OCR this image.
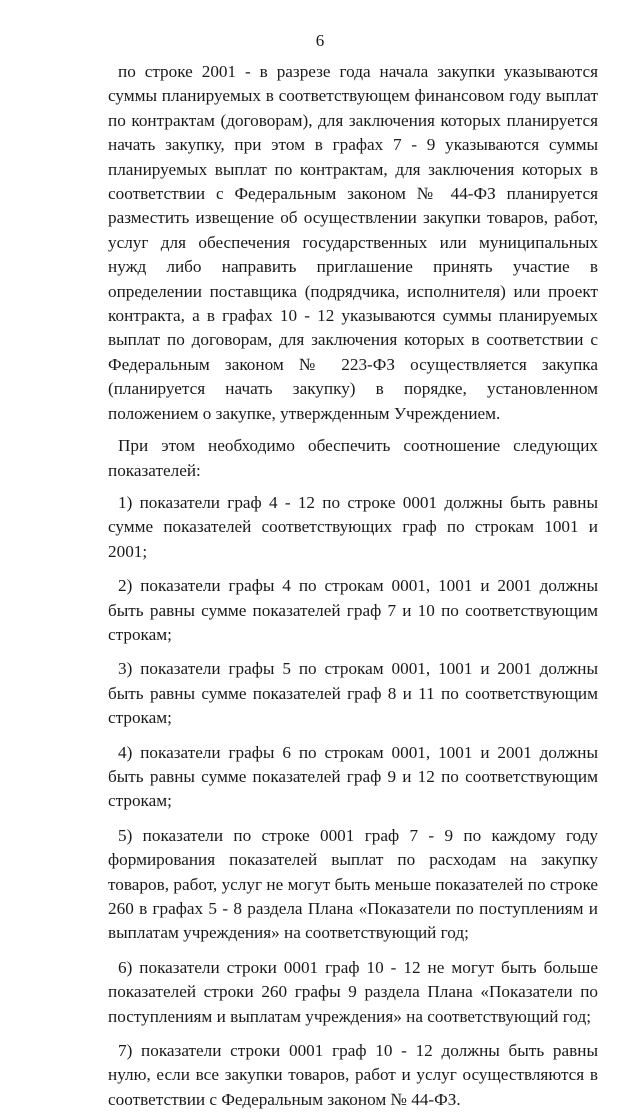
6

по строке 2001 - в разрезе года начала закупки указываются суммы планируемых в соответствующем финансовом году выплат по контрактам (договорам), для заключения которых планируется начать закупку, при этом в графах 7 - 9 указываются суммы планируемых выплат по контрактам, для заключения которых в соответствии с Федеральным законом № 44-ФЗ планируется разместить извещение об осуществлении закупки товаров, работ, услуг для обеспечения государственных или муниципальных нужд либо направить приглашение принять участие в определении поставщика (подрядчика, исполнителя) или проект контракта, а в графах 10 - 12 указываются суммы планируемых выплат по договорам, для заключения которых в соответствии с Федеральным законом № 223-ФЗ осуществляется закупка (планируется начать закупку) в порядке, установленном положением о закупке, утвержденным Учреждением.

При этом необходимо обеспечить соотношение следующих показателей:

1) показатели граф 4 - 12 по строке 0001 должны быть равны сумме показателей соответствующих граф по строкам 1001 и 2001;

2) показатели графы 4 по строкам 0001, 1001 и 2001 должны быть равны сумме показателей граф 7 и 10 по соответствующим строкам;

3) показатели графы 5 по строкам 0001, 1001 и 2001 должны быть равны сумме показателей граф 8 и 11 по соответствующим строкам;

4) показатели графы 6 по строкам 0001, 1001 и 2001 должны быть равны сумме показателей граф 9 и 12 по соответствующим строкам;

5) показатели по строке 0001 граф 7 - 9 по каждому году формирования показателей выплат по расходам на закупку товаров, работ, услуг не могут быть меньше показателей по строке 260 в графах 5 - 8 раздела Плана «Показатели по поступлениям и выплатам учреждения» на соответствующий год;

6) показатели строки 0001 граф 10 - 12 не могут быть больше показателей строки 260 графы 9 раздела Плана «Показатели по поступлениям и выплатам учреждения» на соответствующий год;

7) показатели строки 0001 граф 10 - 12 должны быть равны нулю, если все закупки товаров, работ и услуг осуществляются в соответствии с Федеральным законом № 44-ФЗ.
